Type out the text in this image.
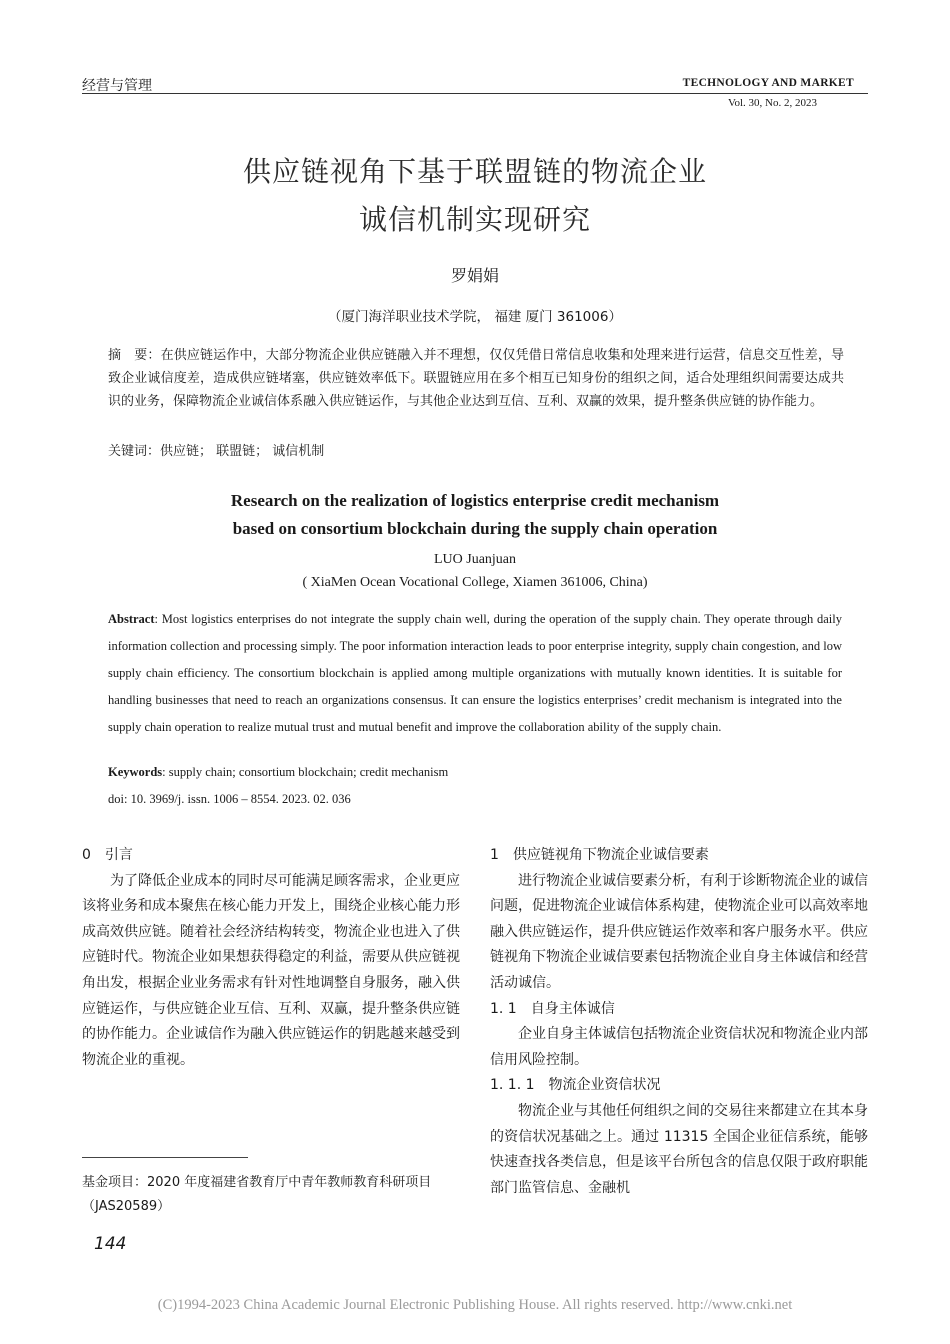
经营与管理	TECHNOLOGY AND MARKET
Vol. 30, No. 2, 2023
供应链视角下基于联盟链的物流企业
诚信机制实现研究
罗娟娟
（厦门海洋职业技术学院， 福建 厦门 361006）
摘　要：在供应链运作中，大部分物流企业供应链融入并不理想，仅仅凭借日常信息收集和处理来进行运营，信息交互性差，导致企业诚信度差，造成供应链堵塞，供应链效率低下。联盟链应用在多个相互已知身份的组织之间，适合处理组织间需要达成共识的业务，保障物流企业诚信体系融入供应链运作，与其他企业达到互信、互利、双赢的效果，提升整条供应链的协作能力。
关键词：供应链； 联盟链； 诚信机制
Research on the realization of logistics enterprise credit mechanism
based on consortium blockchain during the supply chain operation
LUO Juanjuan
( XiaMen Ocean Vocational College, Xiamen 361006, China)
Abstract: Most logistics enterprises do not integrate the supply chain well, during the operation of the supply chain. They operate through daily information collection and processing simply. The poor information interaction leads to poor enterprise integrity, supply chain congestion, and low supply chain efficiency. The consortium blockchain is applied among multiple organizations with mutually known identities. It is suitable for handling businesses that need to reach an organizations consensus. It can ensure the logistics enterprises’ credit mechanism is integrated into the supply chain operation to realize mutual trust and mutual benefit and improve the collaboration ability of the supply chain.
Keywords: supply chain; consortium blockchain; credit mechanism
doi: 10. 3969/j. issn. 1006 – 8554. 2023. 02. 036

0　引言

为了降低企业成本的同时尽可能满足顾客需求，企业更应该将业务和成本聚焦在核心能力开发上，围绕企业核心能力形成高效供应链。随着社会经济结构转变，物流企业也进入了供应链时代。物流企业如果想获得稳定的利益，需要从供应链视角出发，根据企业业务需求有针对性地调整自身服务，融入供应链运作，与供应链企业互信、互利、双赢，提升整条供应链的协作能力。企业诚信作为融入供应链运作的钥匙越来越受到物流企业的重视。

1　供应链视角下物流企业诚信要素

进行物流企业诚信要素分析，有利于诊断物流企业的诚信问题，促进物流企业诚信体系构建，使物流企业可以高效率地融入供应链运作，提升供应链运作效率和客户服务水平。供应链视角下物流企业诚信要素包括物流企业自身主体诚信和经营活动诚信。

1. 1　自身主体诚信

企业自身主体诚信包括物流企业资信状况和物流企业内部信用风险控制。

1. 1. 1　物流企业资信状况

物流企业与其他任何组织之间的交易往来都建立在其本身的资信状况基础之上。通过 11315 全国企业征信系统，能够快速查找各类信息，但是该平台所包含的信息仅限于政府职能部门监管信息、金融机

基金项目：2020 年度福建省教育厅中青年教师教育科研项目（JAS20589）
144
(C)1994-2023 China Academic Journal Electronic Publishing House. All rights reserved. http://www.cnki.net
